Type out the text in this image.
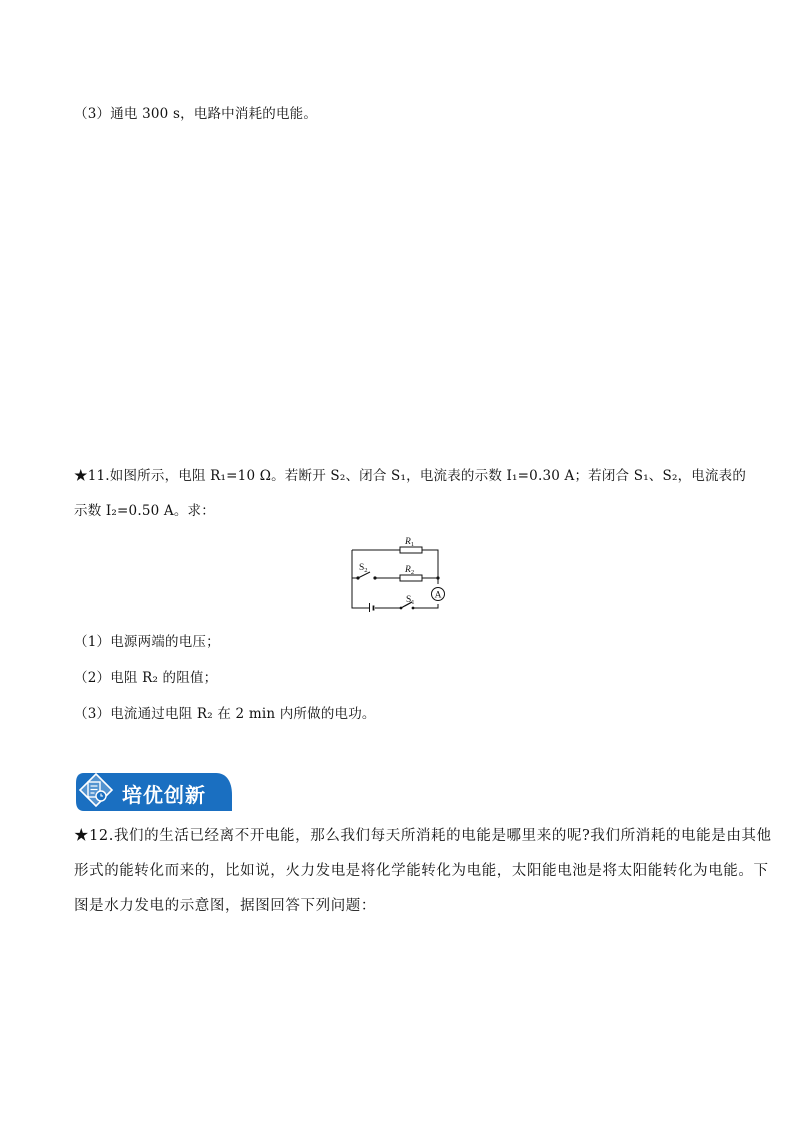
（3）通电 300 s，电路中消耗的电能。
★11.如图所示，电阻 R₁=10 Ω。若断开 S₂、闭合 S₁，电流表的示数 I₁=0.30 A；若闭合 S₁、S₂，电流表的
示数 I₂=0.50 A。求：
A
$R_1$
$R_2$
$S_2$
$S_1$
（1）电源两端的电压；
（2）电阻 R₂ 的阻值；
（3）电流通过电阻 R₂ 在 2 min 内所做的电功。
培优创新
★12.我们的生活已经离不开电能，那么我们每天所消耗的电能是哪里来的呢?我们所消耗的电能是由其他
形式的能转化而来的，比如说，火力发电是将化学能转化为电能，太阳能电池是将太阳能转化为电能。下
图是水力发电的示意图，据图回答下列问题：
